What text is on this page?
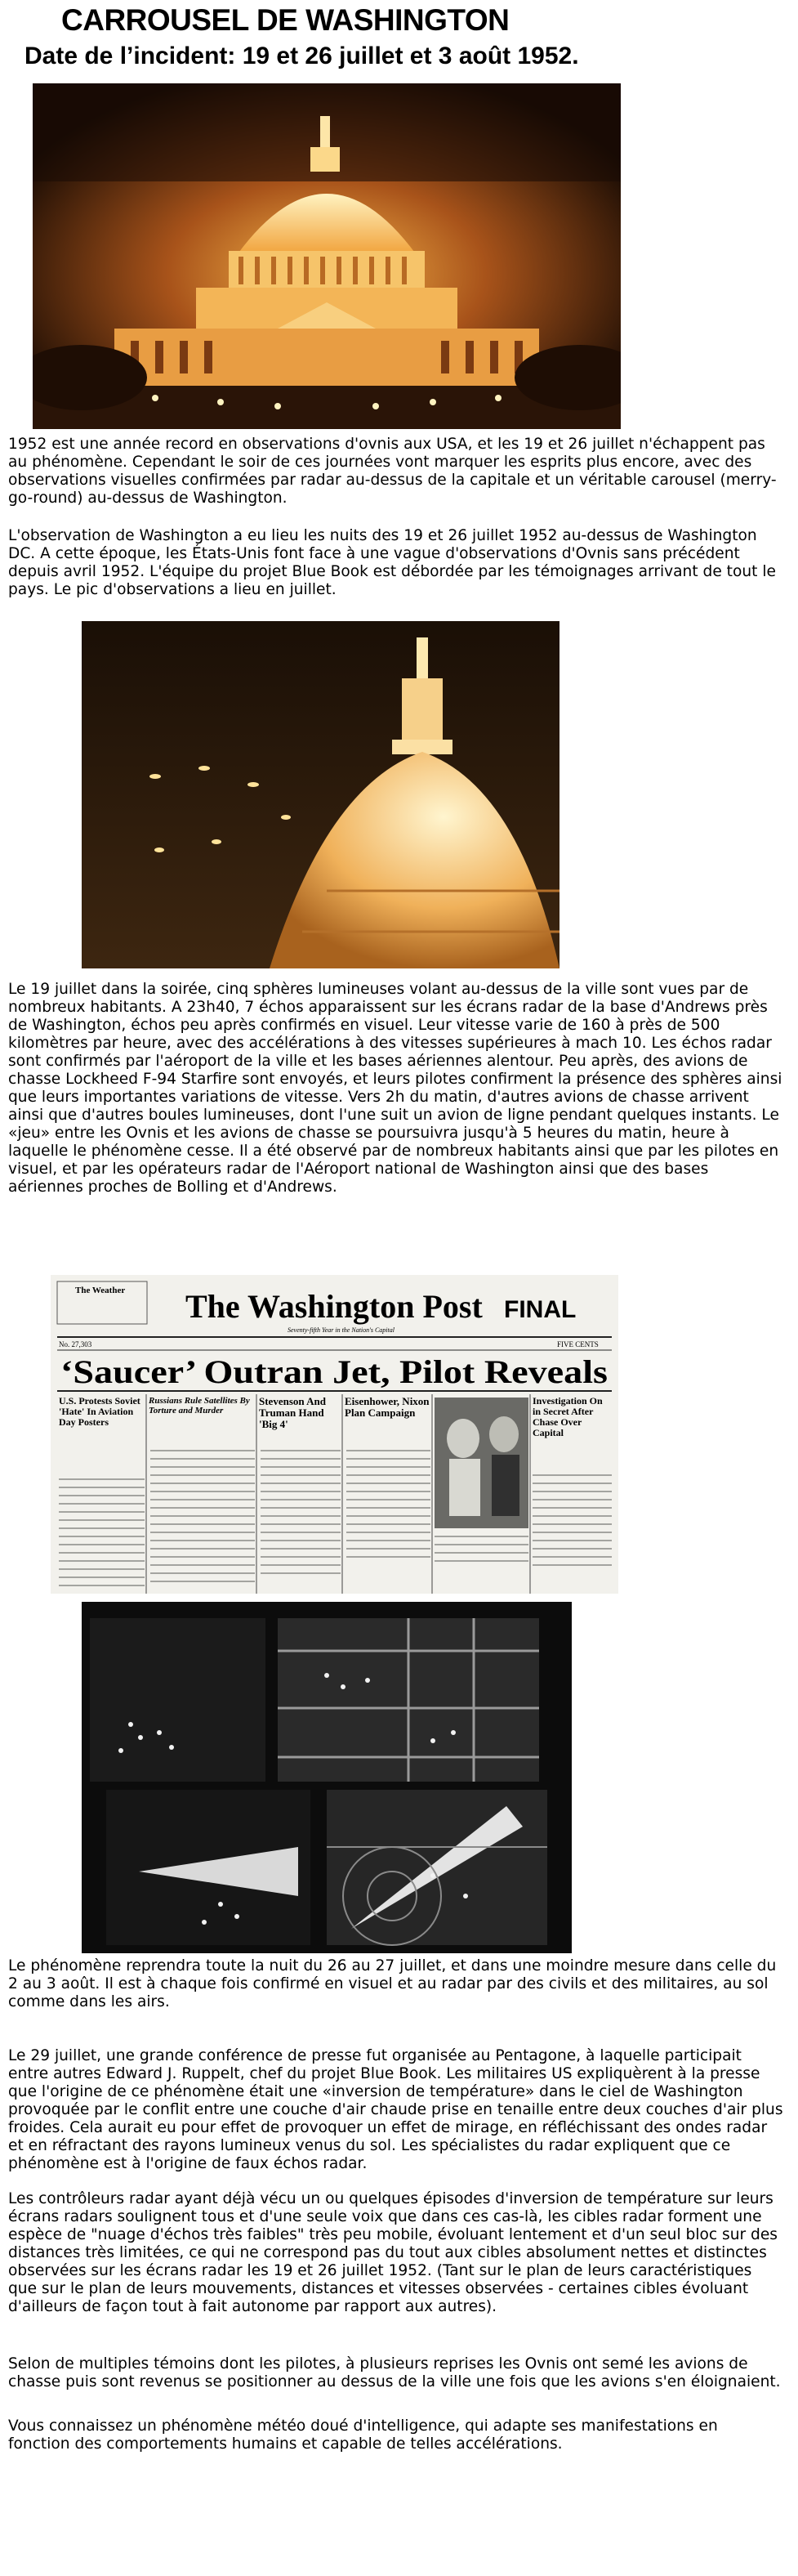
CARROUSEL DE WASHINGTON
Date de l’incident: 19 et 26 juillet et 3 août 1952.

1952 est une année record en observations d'ovnis aux USA, et les 19 et 26 juillet n'échappent pas au phénomène. Cependant le soir de ces journées vont marquer les esprits plus encore, avec des observations visuelles confirmées par radar au-dessus de la capitale et un véritable carousel (merry-go-round) au-dessus de Washington.

L'observation de Washington a eu lieu les nuits des 19 et 26 juillet 1952 au-dessus de Washington DC. A cette époque, les États-Unis font face à une vague d'observations d'Ovnis sans précédent depuis avril 1952. L'équipe du projet Blue Book est débordée par les témoignages arrivant de tout le pays. Le pic d'observations a lieu en juillet.

Le 19 juillet dans la soirée, cinq sphères lumineuses volant au-dessus de la ville sont vues par de nombreux habitants. A 23h40, 7 échos apparaissent sur les écrans radar de la base d'Andrews près de Washington, échos peu après confirmés en visuel. Leur vitesse varie de 160 à près de 500 kilomètres par heure, avec des accélérations à des vitesses supérieures à mach 10. Les échos radar sont confirmés par l'aéroport de la ville et les bases aériennes alentour. Peu après, des avions de chasse Lockheed F-94 Starfire sont envoyés, et leurs pilotes confirment la présence des sphères ainsi que leurs importantes variations de vitesse. Vers 2h du matin, d'autres avions de chasse arrivent ainsi que d'autres boules lumineuses, dont l'une suit un avion de ligne pendant quelques instants. Le «jeu» entre les Ovnis et les avions de chasse se poursuivra jusqu'à 5 heures du matin, heure à laquelle le phénomène cesse. Il a été observé par de nombreux habitants ainsi que par les pilotes en visuel, et par les opérateurs radar de l'Aéroport national de Washington ainsi que des bases aériennes proches de Bolling et d'Andrews.

The Weather The Washington Post FINAL
Seventy-fifth Year in the Nation's Capital
No. 27,303	FIVE CENTS
‘Saucer’ Outran Jet, Pilot Reveals
U.S. Protests Soviet 'Hate' In Aviation Day Posters
Russians Rule Satellites By Torture and Murder
Stevenson And Truman Hand 'Big 4'
Eisenhower, Nixon Plan Campaign
Investigation On in Secret After Chase Over Capital

Le phénomène reprendra toute la nuit du 26 au 27 juillet, et dans une moindre mesure dans celle du 2 au 3 août. Il est à chaque fois confirmé en visuel et au radar par des civils et des militaires, au sol comme dans les airs.

Le 29 juillet, une grande conférence de presse fut organisée au Pentagone, à laquelle participait entre autres Edward J. Ruppelt, chef du projet Blue Book. Les militaires US expliquèrent à la presse que l'origine de ce phénomène était une «inversion de température» dans le ciel de Washington provoquée par le conflit entre une couche d'air chaude prise en tenaille entre deux couches d'air plus froides. Cela aurait eu pour effet de provoquer un effet de mirage, en réfléchissant des ondes radar et en réfractant des rayons lumineux venus du sol. Les spécialistes du radar expliquent que ce phénomène est à l'origine de faux échos radar.

Les contrôleurs radar ayant déjà vécu un ou quelques épisodes d'inversion de température sur leurs écrans radars soulignent tous et d'une seule voix que dans ces cas-là, les cibles radar forment une espèce de "nuage d'échos très faibles" très peu mobile, évoluant lentement et d'un seul bloc sur des distances très limitées, ce qui ne correspond pas du tout aux cibles absolument nettes et distinctes observées sur les écrans radar les 19 et 26 juillet 1952. (Tant sur le plan de leurs caractéristiques que sur le plan de leurs mouvements, distances et vitesses observées - certaines cibles évoluant d'ailleurs de façon tout à fait autonome par rapport aux autres).

Selon de multiples témoins dont les pilotes, à plusieurs reprises les Ovnis ont semé les avions de chasse puis sont revenus se positionner au dessus de la ville une fois que les avions s'en éloignaient.

Vous connaissez un phénomène météo doué d'intelligence, qui adapte ses manifestations en fonction des comportements humains et capable de telles accélérations.
